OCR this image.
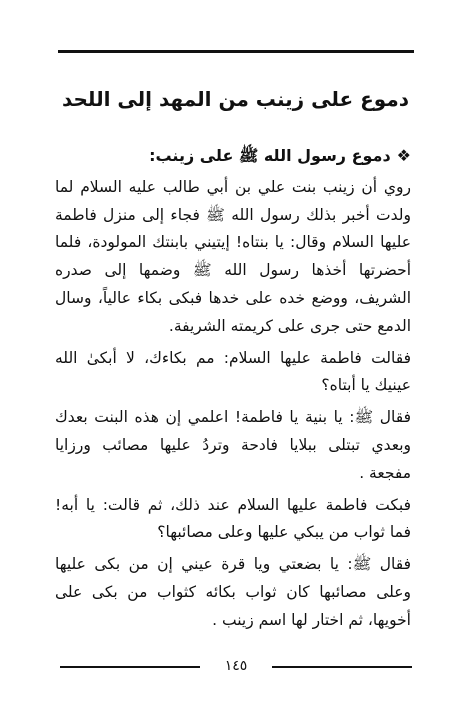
دموع على زينب من المهد إلى اللحد
❖دموع رسول الله ﷺ على زينب:

روي أن زينب بنت علي بن أبي طالب عليه السلام لما ولدت أخبر بذلك رسول الله ﷺ فجاء إلى منزل فاطمة عليها السلام وقال: يا بنتاه! إيتيني بابنتك المولودة، فلما أحضرتها أخذها رسول الله ﷺ وضمها إلى صدره الشريف، ووضع خده على خدها فبكى بكاء عالياً، وسال الدمع حتى جرى على كريمته الشريفة.

فقالت فاطمة عليها السلام: مم بكاءك، لا أبكىٰ الله عينيك يا أبتاه؟

فقال ﷺ: يا بنية يا فاطمة! اعلمي إن هذه البنت بعدك وبعدي تبتلى ببلايا فادحة وتردُ عليها مصائب ورزايا مفجعة .

فبكت فاطمة عليها السلام عند ذلك، ثم قالت: يا أبه! فما ثواب من يبكي عليها وعلى مصائبها؟

فقال ﷺ: يا بضعتي ويا قرة عيني إن من بكى عليها وعلى مصائبها كان ثواب بكائه كثواب من بكى على أخويها، ثم اختار لها اسم زينب .

١٤٥
